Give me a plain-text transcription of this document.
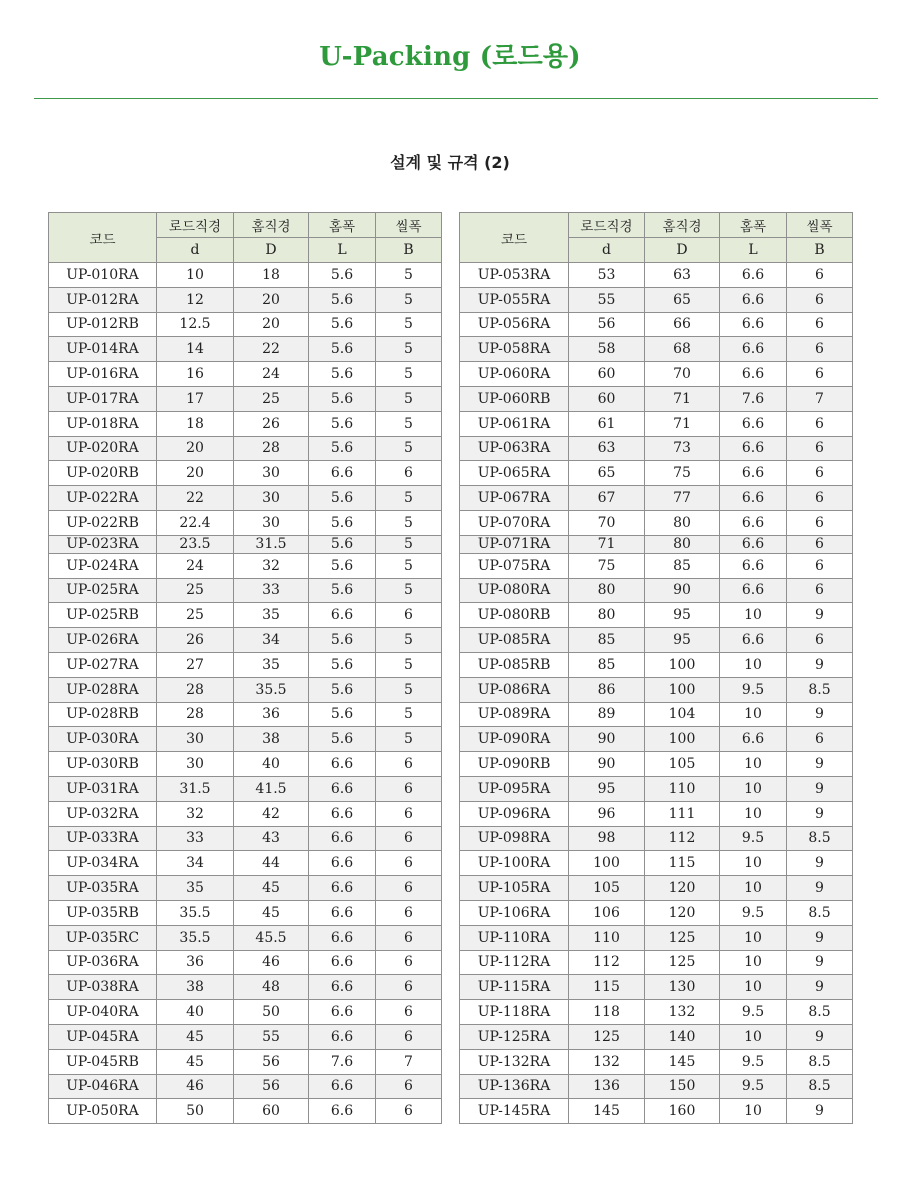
U-Packing (로드용)
설계 및 규격 (2)
코드	로드직경	홈직경	홈폭	씰폭
	d	D	L	B
UP-010RA	10	18	5.6	5
UP-012RA	12	20	5.6	5
UP-012RB	12.5	20	5.6	5
UP-014RA	14	22	5.6	5
UP-016RA	16	24	5.6	5
UP-017RA	17	25	5.6	5
UP-018RA	18	26	5.6	5
UP-020RA	20	28	5.6	5
UP-020RB	20	30	6.6	6
UP-022RA	22	30	5.6	5
UP-022RB	22.4	30	5.6	5
UP-023RA	23.5	31.5	5.6	5
UP-024RA	24	32	5.6	5
UP-025RA	25	33	5.6	5
UP-025RB	25	35	6.6	6
UP-026RA	26	34	5.6	5
UP-027RA	27	35	5.6	5
UP-028RA	28	35.5	5.6	5
UP-028RB	28	36	5.6	5
UP-030RA	30	38	5.6	5
UP-030RB	30	40	6.6	6
UP-031RA	31.5	41.5	6.6	6
UP-032RA	32	42	6.6	6
UP-033RA	33	43	6.6	6
UP-034RA	34	44	6.6	6
UP-035RA	35	45	6.6	6
UP-035RB	35.5	45	6.6	6
UP-035RC	35.5	45.5	6.6	6
UP-036RA	36	46	6.6	6
UP-038RA	38	48	6.6	6
UP-040RA	40	50	6.6	6
UP-045RA	45	55	6.6	6
UP-045RB	45	56	7.6	7
UP-046RA	46	56	6.6	6
UP-050RA	50	60	6.6	6
코드	로드직경	홈직경	홈폭	씰폭
	d	D	L	B
UP-053RA	53	63	6.6	6
UP-055RA	55	65	6.6	6
UP-056RA	56	66	6.6	6
UP-058RA	58	68	6.6	6
UP-060RA	60	70	6.6	6
UP-060RB	60	71	7.6	7
UP-061RA	61	71	6.6	6
UP-063RA	63	73	6.6	6
UP-065RA	65	75	6.6	6
UP-067RA	67	77	6.6	6
UP-070RA	70	80	6.6	6
UP-071RA	71	80	6.6	6
UP-075RA	75	85	6.6	6
UP-080RA	80	90	6.6	6
UP-080RB	80	95	10	9
UP-085RA	85	95	6.6	6
UP-085RB	85	100	10	9
UP-086RA	86	100	9.5	8.5
UP-089RA	89	104	10	9
UP-090RA	90	100	6.6	6
UP-090RB	90	105	10	9
UP-095RA	95	110	10	9
UP-096RA	96	111	10	9
UP-098RA	98	112	9.5	8.5
UP-100RA	100	115	10	9
UP-105RA	105	120	10	9
UP-106RA	106	120	9.5	8.5
UP-110RA	110	125	10	9
UP-112RA	112	125	10	9
UP-115RA	115	130	10	9
UP-118RA	118	132	9.5	8.5
UP-125RA	125	140	10	9
UP-132RA	132	145	9.5	8.5
UP-136RA	136	150	9.5	8.5
UP-145RA	145	160	10	9
